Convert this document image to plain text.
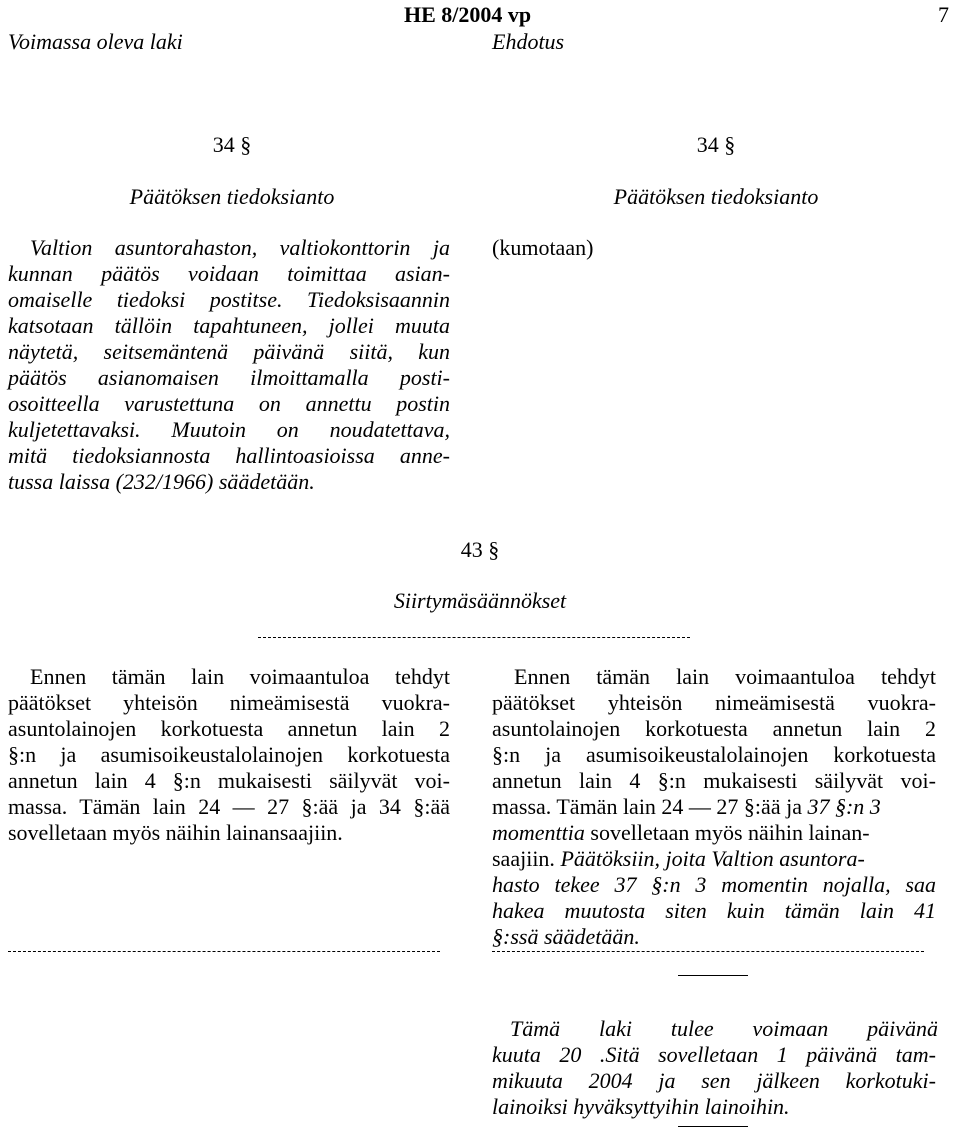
HE 8/2004 vp	7
Voimassa oleva laki	Ehdotus
34 §
Päätöksen tiedoksianto
34 §
Päätöksen tiedoksianto
Valtion asuntorahaston, valtiokonttorin ja
kunnan päätös voidaan toimittaa asian-
omaiselle tiedoksi postitse. Tiedoksisaannin
katsotaan tällöin tapahtuneen, jollei muuta
näytetä, seitsemäntenä päivänä siitä, kun
päätös asianomaisen ilmoittamalla posti-
osoitteella varustettuna on annettu postin
kuljetettavaksi. Muutoin on noudatettava,
mitä tiedoksiannosta hallintoasioissa anne-
tussa laissa (232/1966) säädetään.
(kumotaan)
43 §
Siirtymäsäännökset
Ennen tämän lain voimaantuloa tehdyt
päätökset yhteisön nimeämisestä vuokra-
asuntolainojen korkotuesta annetun lain 2
§:n ja asumisoikeustalolainojen korkotuesta
annetun lain 4 §:n mukaisesti säilyvät voi-
massa. Tämän lain 24 — 27 §:ää ja 34 §:ää
sovelletaan myös näihin lainansaajiin.
Ennen tämän lain voimaantuloa tehdyt
päätökset yhteisön nimeämisestä vuokra-
asuntolainojen korkotuesta annetun lain 2
§:n ja asumisoikeustalolainojen korkotuesta
annetun lain 4 §:n mukaisesti säilyvät voi-
massa. Tämän lain 24 — 27 §:ää ja 37 §:n 3
momenttia sovelletaan myös näihin lainan-
saajiin. Päätöksiin, joita Valtion asuntora-
hasto tekee 37 §:n 3 momentin nojalla, saa
hakea muutosta siten kuin tämän lain 41
§:ssä säädetään.
Tämä laki tulee voimaan päivänä
kuuta 20 .Sitä sovelletaan 1 päivänä tam-
mikuuta 2004 ja sen jälkeen korkotuki-
lainoiksi hyväksyttyihin lainoihin.
